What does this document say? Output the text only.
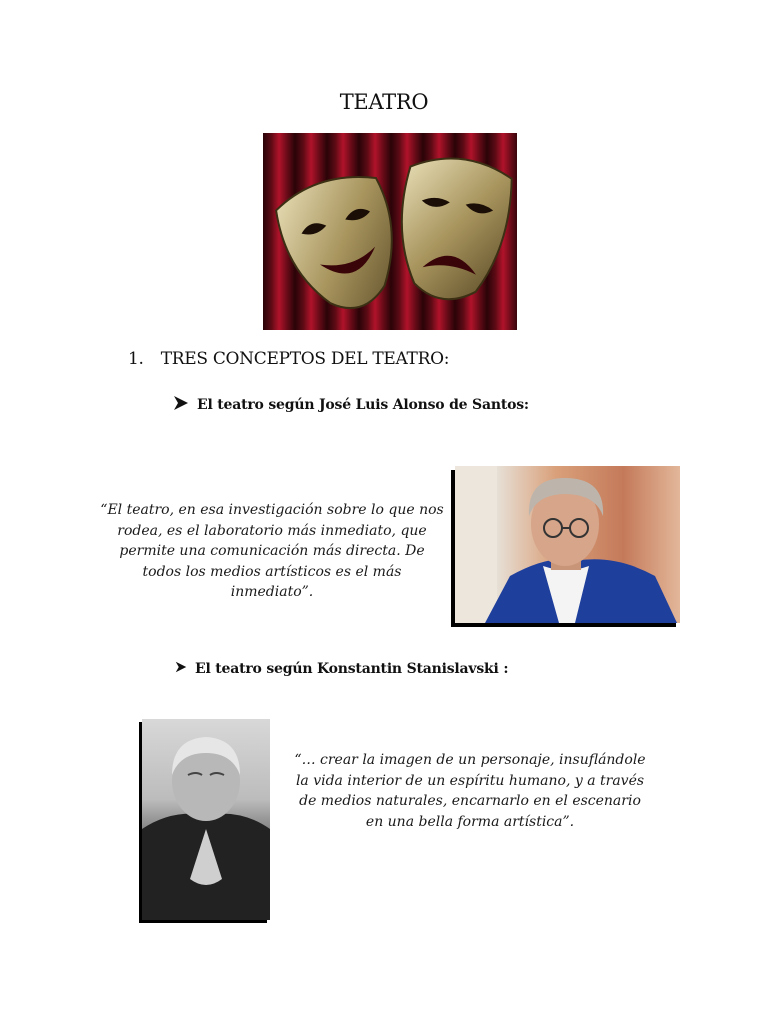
TEATRO
1. TRES CONCEPTOS DEL TEATRO:
El teatro según José Luis Alonso de Santos:
“El teatro, en esa investigación sobre lo que nos rodea, es el laboratorio más inmediato, que permite una comunicación más directa. De todos los medios artísticos es el más inmediato”.
El teatro según Konstantin Stanislavski :
“… crear la imagen de un personaje, insuflándole la vida interior de un espíritu humano, y a través de medios naturales, encarnarlo en el escenario en una bella forma artística”.
